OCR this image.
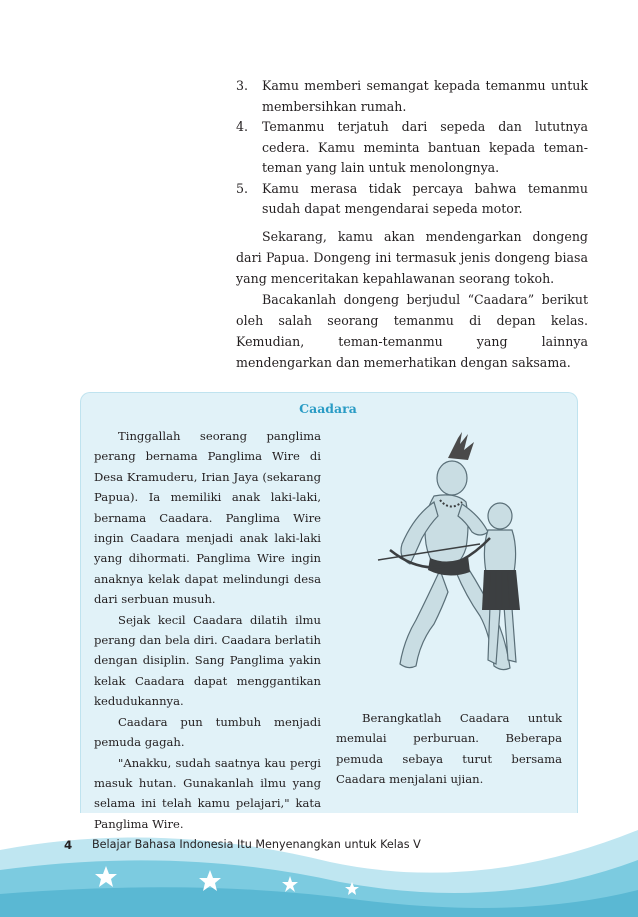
3. Kamu memberi semangat kepada temanmu untuk membersihkan rumah.
4. Temanmu terjatuh dari sepeda dan lututnya cedera. Kamu meminta bantuan kepada teman-teman yang lain untuk menolongnya.
5. Kamu merasa tidak percaya bahwa temanmu sudah dapat mengendarai sepeda motor.

Sekarang, kamu akan mendengarkan dongeng dari Papua. Dongeng ini termasuk jenis dongeng biasa yang menceritakan kepahlawanan seorang tokoh.

Bacakanlah dongeng berjudul “Caadara” berikut oleh salah seorang temanmu di depan kelas. Kemudian, teman-temanmu yang lainnya mendengarkan dan memerhatikan dengan saksama.

Caadara

Tinggallah seorang panglima perang bernama Panglima Wire di Desa Kramuderu, Irian Jaya (sekarang Papua). Ia memiliki anak laki-laki, bernama Caadara. Panglima Wire ingin Caadara menjadi anak laki-laki yang dihormati. Panglima Wire ingin anaknya kelak dapat melindungi desa dari serbuan musuh.

Sejak kecil Caadara dilatih ilmu perang dan bela diri. Caadara berlatih dengan disiplin. Sang Panglima yakin kelak Caadara dapat menggantikan kedudukannya.

Caadara pun tumbuh menjadi pemuda gagah.

"Anakku, sudah saatnya kau pergi masuk hutan. Gunakanlah ilmu yang selama ini telah kamu pelajari," kata Panglima Wire.

Berangkatlah Caadara untuk memulai perburuan. Beberapa pemuda sebaya turut bersama Caadara menjalani ujian.

4 Belajar Bahasa Indonesia Itu Menyenangkan untuk Kelas V
